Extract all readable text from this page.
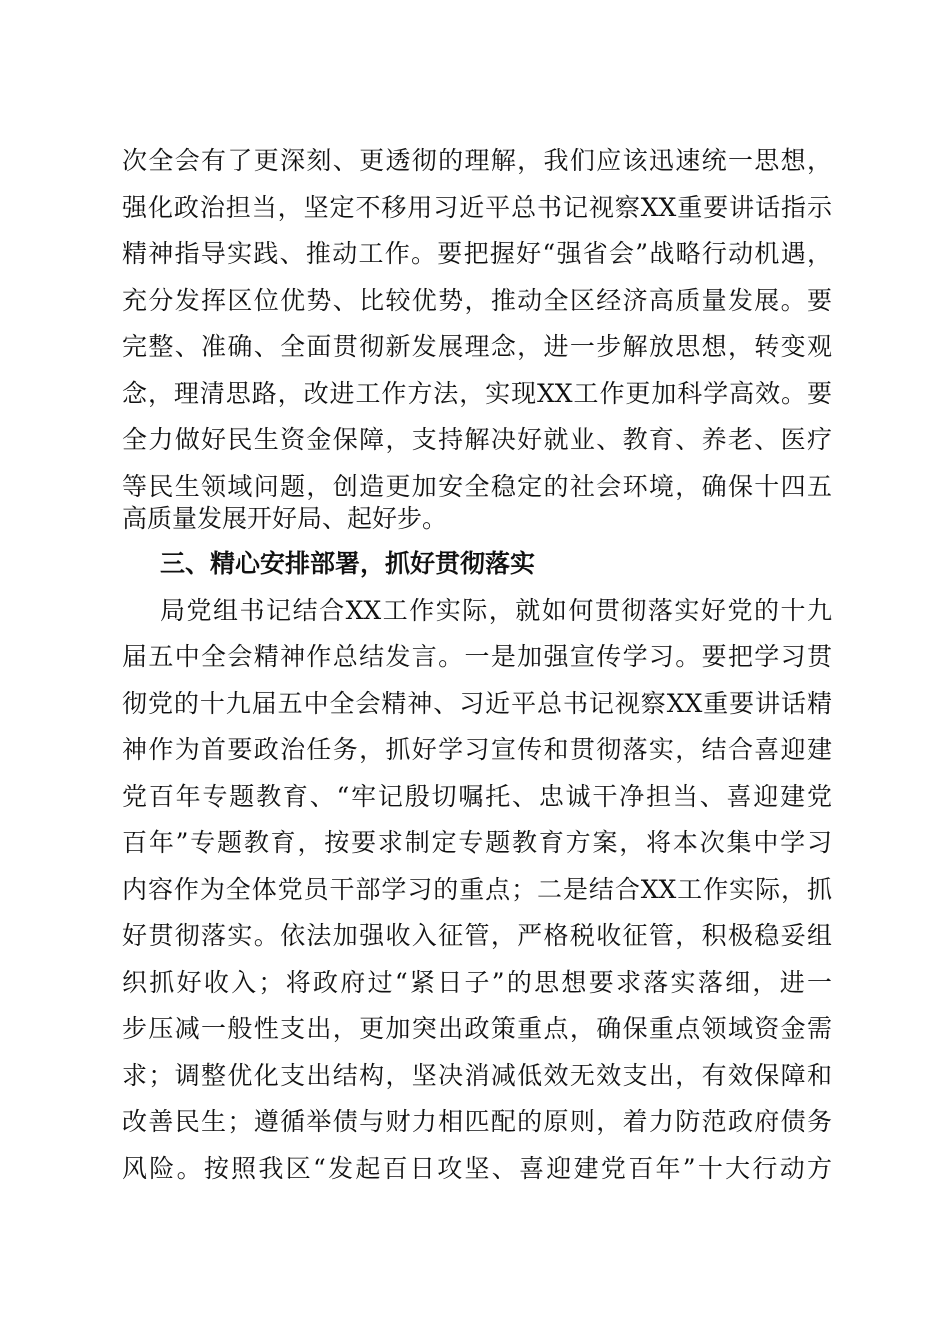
次全会有了更深刻、更透彻的理解，我们应该迅速统一思想，
强化政治担当，坚定不移用习近平总书记视察XX重要讲话指示
精神指导实践、推动工作。要把握好“强省会”战略行动机遇，
充分发挥区位优势、比较优势，推动全区经济高质量发展。要
完整、准确、全面贯彻新发展理念，进一步解放思想，转变观
念，理清思路，改进工作方法，实现XX工作更加科学高效。要
全力做好民生资金保障，支持解决好就业、教育、养老、医疗
等民生领域问题，创造更加安全稳定的社会环境，确保十四五
高质量发展开好局、起好步。
三、精心安排部署，抓好贯彻落实
局党组书记结合XX工作实际，就如何贯彻落实好党的十九
届五中全会精神作总结发言。一是加强宣传学习。要把学习贯
彻党的十九届五中全会精神、习近平总书记视察XX重要讲话精
神作为首要政治任务，抓好学习宣传和贯彻落实，结合喜迎建
党百年专题教育、“牢记殷切嘱托、忠诚干净担当、喜迎建党
百年”专题教育，按要求制定专题教育方案，将本次集中学习
内容作为全体党员干部学习的重点；二是结合XX工作实际，抓
好贯彻落实。依法加强收入征管，严格税收征管，积极稳妥组
织抓好收入；将政府过“紧日子”的思想要求落实落细，进一
步压减一般性支出，更加突出政策重点，确保重点领域资金需
求；调整优化支出结构，坚决消减低效无效支出，有效保障和
改善民生；遵循举债与财力相匹配的原则，着力防范政府债务
风险。按照我区“发起百日攻坚、喜迎建党百年”十大行动方
